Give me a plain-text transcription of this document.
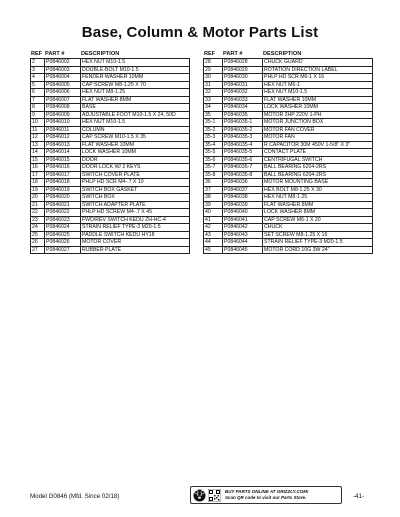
Base, Column & Motor Parts List
REF PART #	DESCRIPTION
2	P0846002	HEX NUT M10-1.5
3	P0846003	DOUBLE-BOLT M10-1.5
4	P0846004	FENDER WASHER 10MM
5	P0846005	CAP SCREW M8-1.25 X 70
6	P0846006	HEX NUT M8-1.25
7	P0846007	FLAT WASHER 8MM
8	P0846008	BASE
9	P0846009	ADJUSTABLE FOOT M10-1.5 X 24, 50D
10	P0846010	HEX NUT M10-1.5
11	P0846011	COLUMN
12	P0846012	CAP SCREW M10-1.5 X 35
13	P0846013	FLAT WASHER 10MM
14	P0846014	LOCK WASHER 10MM
15	P0846015	DOOR
16	P0846016	DOOR LOCK W/ 2 KEYS
17	P0846017	SWITCH COVER PLATE
18	P0846018	PHLP HD SCR M4-.7 X 10
19	P0846019	SWITCH BOX GASKET
20	P0846020	SWITCH BOX
21	P0846021	SWITCH ADAPTER PLATE
22	P0846022	PHLP HD SCREW M4-.7 X 45
23	P0846023	FWD/REV SWITCH KEDU ZH-HC-4
24	P0846024	STRAIN RELIEF TYPE-3 M20-1.5
25	P0846025	PADDLE SWITCH KEDU HY18
26	P0846026	MOTOR COVER
27	P0846027	RUBBER PLATE
REF	PART #	DESCRIPTION
28	P0846028	CHUCK GUARD
29	P0846029	ROTATION DIRECTION LABEL
30	P0846030	PHLP HD SCR M6-1 X 16
31	P0846031	HEX NUT M6-1
32	P0846032	HEX NUT M10-1.5
33	P0846033	FLAT WASHER 10MM
34	P0846034	LOCK WASHER 10MM
35	P0846035	MOTOR 2HP 220V 1-PH
35-1	P0846035-1	MOTOR JUNCTION BOX
35-2	P0846035-2	MOTOR FAN COVER
35-3	P0846035-3	MOTOR FAN
35-4	P0846035-4	R CAPACITOR 30M 450V 1-5/8" X 3"
35-5	P0846035-5	CONTACT PLATE
35-6	P0846035-6	CENTRIFUGAL SWITCH
35-7	P0846035-7	BALL BEARING 6204-2RS
35-8	P0846035-8	BALL BEARING 6204-2RS
36	P0846036	MOTOR MOUNTING BASE
37	P0846037	HEX BOLT M8-1.25 X 30
38	P0846038	HEX NUT M8-1.25
39	P0846039	FLAT WASHER 8MM
40	P0846040	LOCK WASHER 8MM
41	P0846041	CAP SCREW M6-1 X 20
42	P0846042	CHUCK
43	P0846043	SET SCREW M8-1.25 X 16
44	P0846044	STRAIN RELIEF TYPE-3 M20-1.5
45	P0846045	MOTOR CORD 10G 3W 24"
Model G0846 (Mfd. Since 02/18)
BUY PARTS ONLINE AT GRIZZLY.COM!
Scan QR code to visit our Parts Store.	-41-
